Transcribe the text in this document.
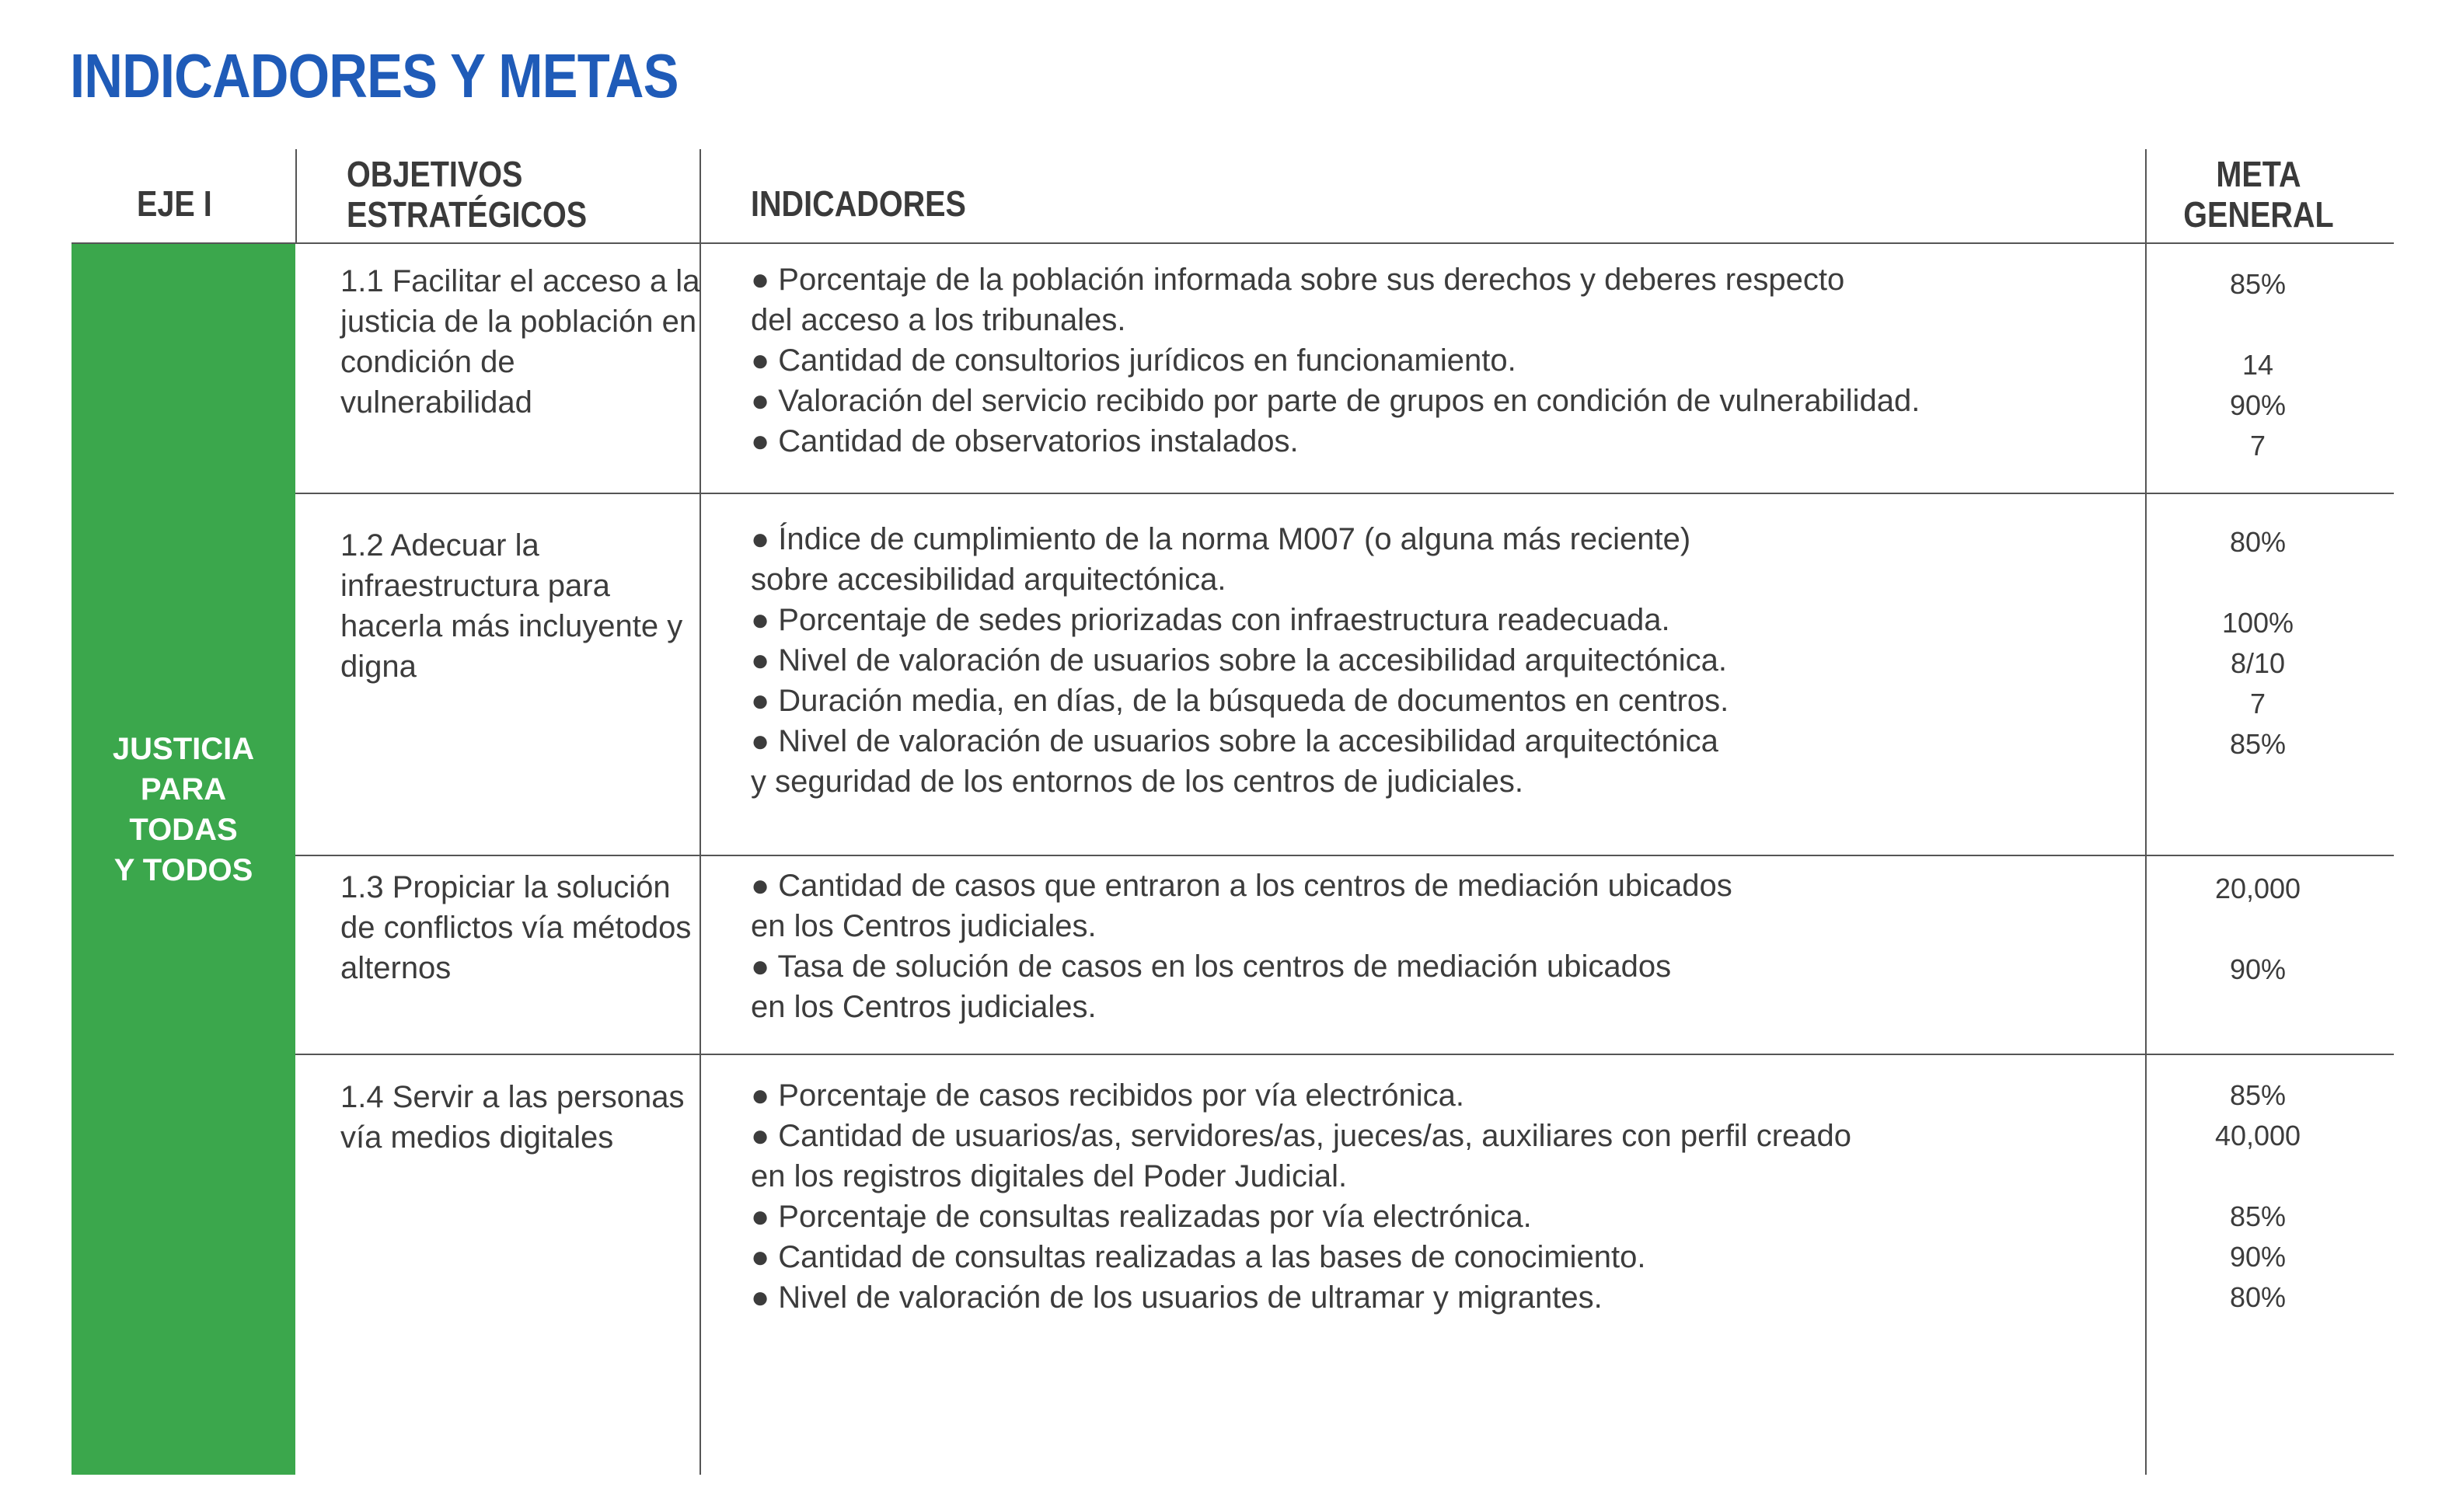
INDICADORES Y METAS
EJE I
OBJETIVOS
ESTRATÉGICOS	INDICADORES
META
GENERAL
JUSTICIA
PARA
TODAS
Y TODOS

1.1 Facilitar el acceso a la justicia de la población en condición de vulnerabilidad

● Porcentaje de la población informada sobre sus derechos y deberes respecto
del acceso a los tribunales.
● Cantidad de consultorios jurídicos en funcionamiento.
● Valoración del servicio recibido por parte de grupos en condición de vulnerabilidad.
● Cantidad de observatorios instalados.
85%
14
90%
7

1.2 Adecuar la infraestructura para hacerla más incluyente y digna

● Índice de cumplimiento de la norma M007 (o alguna más reciente)
sobre accesibilidad arquitectónica.
● Porcentaje de sedes priorizadas con infraestructura readecuada.
● Nivel de valoración de usuarios sobre la accesibilidad arquitectónica.
● Duración media, en días, de la búsqueda de documentos en centros.
● Nivel de valoración de usuarios sobre la accesibilidad arquitectónica
y seguridad de los entornos de los centros de judiciales.
80%
100%
8/10
7
85%

1.3 Propiciar la solución de conflictos vía métodos alternos

● Cantidad de casos que entraron a los centros de mediación ubicados
en los Centros judiciales.
● Tasa de solución de casos en los centros de mediación ubicados
en los Centros judiciales.
20,000
90%

1.4 Servir a las personas vía medios digitales

● Porcentaje de casos recibidos por vía electrónica.
● Cantidad de usuarios/as, servidores/as, jueces/as, auxiliares con perfil creado
en los registros digitales del Poder Judicial.
● Porcentaje de consultas realizadas por vía electrónica.
● Cantidad de consultas realizadas a las bases de conocimiento.
● Nivel de valoración de los usuarios de ultramar y migrantes.
85%
40,000
85%
90%
80%
